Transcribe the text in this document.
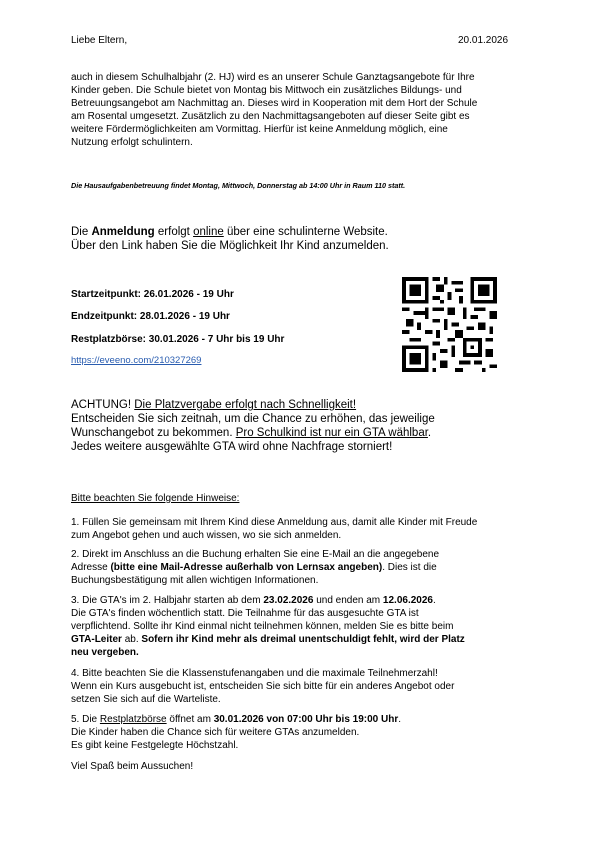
Liebe Eltern,	20.01.2026

auch in diesem Schulhalbjahr (2. HJ) wird es an unserer Schule Ganztagsangebote für Ihre

Kinder geben. Die Schule bietet von Montag bis Mittwoch ein zusätzliches Bildungs- und

Betreuungsangebot am Nachmittag an. Dieses wird in Kooperation mit dem Hort der Schule

am Rosental umgesetzt. Zusätzlich zu den Nachmittagsangeboten auf dieser Seite gibt es

weitere Fördermöglichkeiten am Vormittag. Hierfür ist keine Anmeldung möglich, eine

Nutzung erfolgt schulintern.

Die Hausaufgabenbetreuung findet Montag, Mittwoch, Donnerstag ab 14:00 Uhr in Raum 110 statt.

Die Anmeldung erfolgt online über eine schulinterne Website.

Über den Link haben Sie die Möglichkeit Ihr Kind anzumelden.

Startzeitpunkt: 26.01.2026 - 19 Uhr
Endzeitpunkt: 28.01.2026 - 19 Uhr
Restplatzbörse: 30.01.2026 - 7 Uhr bis 19 Uhr
https://eveeno.com/210327269

ACHTUNG! Die Platzvergabe erfolgt nach Schnelligkeit!

Entscheiden Sie sich zeitnah, um die Chance zu erhöhen, das jeweilige

Wunschangebot zu bekommen. Pro Schulkind ist nur ein GTA wählbar.

Jedes weitere ausgewählte GTA wird ohne Nachfrage storniert!

Bitte beachten Sie folgende Hinweise:

1. Füllen Sie gemeinsam mit Ihrem Kind diese Anmeldung aus, damit alle Kinder mit Freude

zum Angebot gehen und auch wissen, wo sie sich anmelden.

2. Direkt im Anschluss an die Buchung erhalten Sie eine E-Mail an die angegebene

Adresse (bitte eine Mail-Adresse außerhalb von Lernsax angeben). Dies ist die

Buchungsbestätigung mit allen wichtigen Informationen.

3. Die GTA's im 2. Halbjahr starten ab dem 23.02.2026 und enden am 12.06.2026.

Die GTA's finden wöchentlich statt. Die Teilnahme für das ausgesuchte GTA ist

verpflichtend. Sollte ihr Kind einmal nicht teilnehmen können, melden Sie es bitte beim

GTA-Leiter ab. Sofern ihr Kind mehr als dreimal unentschuldigt fehlt, wird der Platz

neu vergeben.

4. Bitte beachten Sie die Klassenstufenangaben und die maximale Teilnehmerzahl!

Wenn ein Kurs ausgebucht ist, entscheiden Sie sich bitte für ein anderes Angebot oder

setzen Sie sich auf die Warteliste.

5. Die Restplatzbörse öffnet am 30.01.2026 von 07:00 Uhr bis 19:00 Uhr.

Die Kinder haben die Chance sich für weitere GTAs anzumelden.

Es gibt keine Festgelegte Höchstzahl.

Viel Spaß beim Aussuchen!
